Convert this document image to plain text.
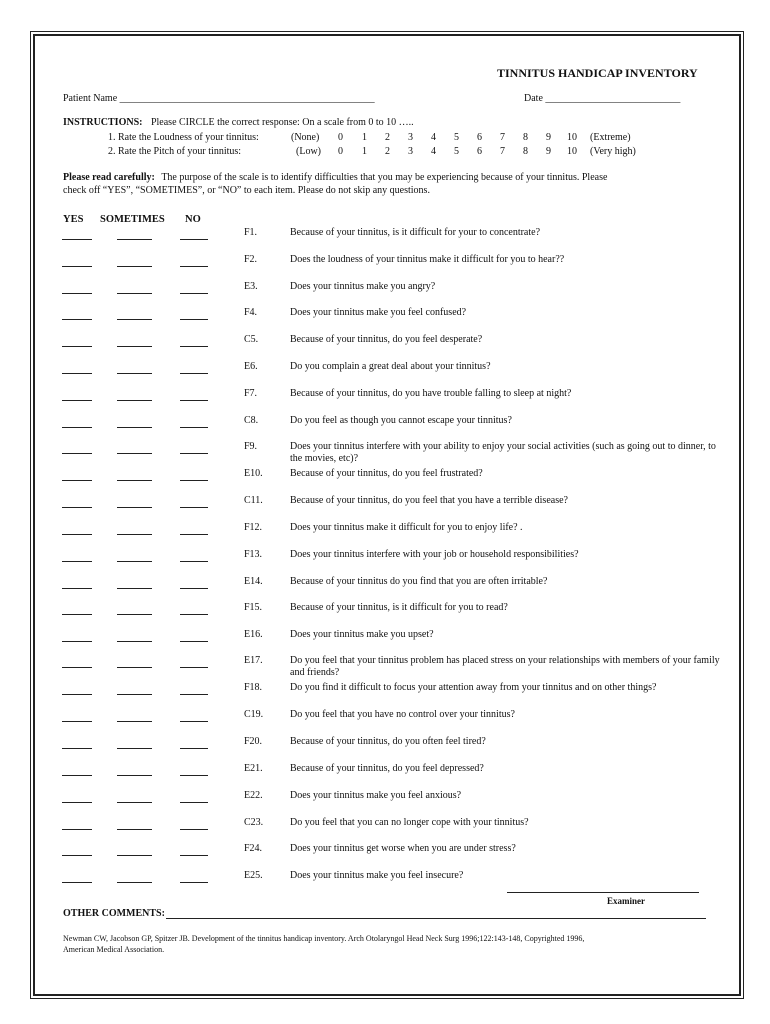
TINNITUS HANDICAP INVENTORY
Patient Name ___________________________________________________	Date ___________________________
INSTRUCTIONS: Please CIRCLE the correct response: On a scale from 0 to 10 …..
1. Rate the Loudness of your tinnitus:	(None) 0 1 2 3 4 5 6 7 8 9 10 (Extreme)
2. Rate the Pitch of your tinnitus:	(Low) 0 1 2 3 4 5 6 7 8 9 10 (Very high)
Please read carefully: The purpose of the scale is to identify difficulties that you may be experiencing because of your tinnitus. Please
check off “YES”, “SOMETIMES”, or “NO” to each item. Please do not skip any questions.
YES SOMETIMES NO
F1.	Because of your tinnitus, is it difficult for your to concentrate?
F2.	Does the loudness of your tinnitus make it difficult for you to hear??
E3.	Does your tinnitus make you angry?
F4.	Does your tinnitus make you feel confused?
C5.	Because of your tinnitus, do you feel desperate?
E6.	Do you complain a great deal about your tinnitus?
F7.	Because of your tinnitus, do you have trouble falling to sleep at night?
C8.	Do you feel as though you cannot escape your tinnitus?
F9.	Does your tinnitus interfere with your ability to enjoy your social activities (such as going out to dinner, to the movies, etc)?
E10.	Because of your tinnitus, do you feel frustrated?
C11.	Because of your tinnitus, do you feel that you have a terrible disease?
F12.	Does your tinnitus make it difficult for you to enjoy life? .
F13.	Does your tinnitus interfere with your job or household responsibilities?
E14.	Because of your tinnitus do you find that you are often irritable?
F15.	Because of your tinnitus, is it difficult for you to read?
E16.	Does your tinnitus make you upset?
E17.	Do you feel that your tinnitus problem has placed stress on your relationships with members of your family and friends?
F18.	Do you find it difficult to focus your attention away from your tinnitus and on other things?
C19.	Do you feel that you have no control over your tinnitus?
F20.	Because of your tinnitus, do you often feel tired?
E21.	Because of your tinnitus, do you feel depressed?
E22.	Does your tinnitus make you feel anxious?
C23.	Do you feel that you can no longer cope with your tinnitus?
F24.	Does your tinnitus get worse when you are under stress?
E25.	Does your tinnitus make you feel insecure?
Examiner
OTHER COMMENTS:
Newman CW, Jacobson GP, Spitzer JB. Development of the tinnitus handicap inventory. Arch Otolaryngol Head Neck Surg 1996;122:143-148, Copyrighted 1996,
American Medical Association.
